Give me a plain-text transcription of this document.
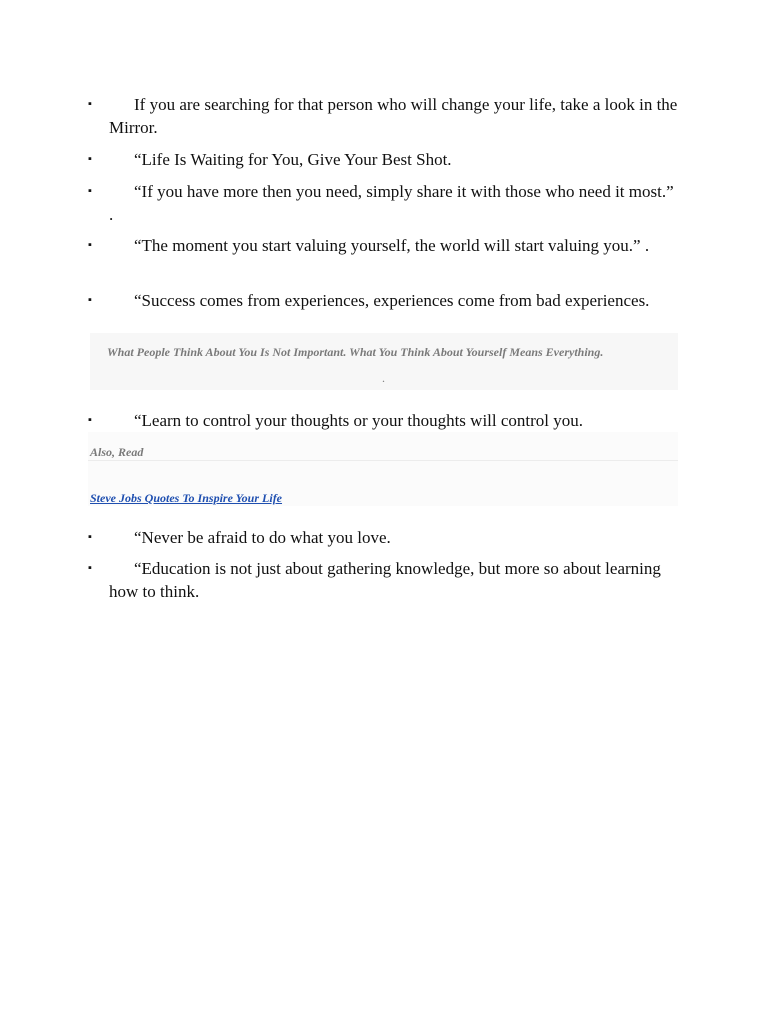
▪	If you are searching for that person who will change your life, take a look in the Mirror.
▪	“Life Is Waiting for You, Give Your Best Shot.
▪	“If you have more then you need, simply share it with those who need it most.” .
▪	“The moment you start valuing yourself, the world will start valuing you.” .
▪	“Success comes from experiences, experiences come from bad experiences.
What People Think About You Is Not Important. What You Think About Yourself Means Everything.
.
▪	“Learn to control your thoughts or your thoughts will control you.
Also, Read
Steve Jobs Quotes To Inspire Your Life
▪	“Never be afraid to do what you love.
▪	“Education is not just about gathering knowledge, but more so about learning how to think.
